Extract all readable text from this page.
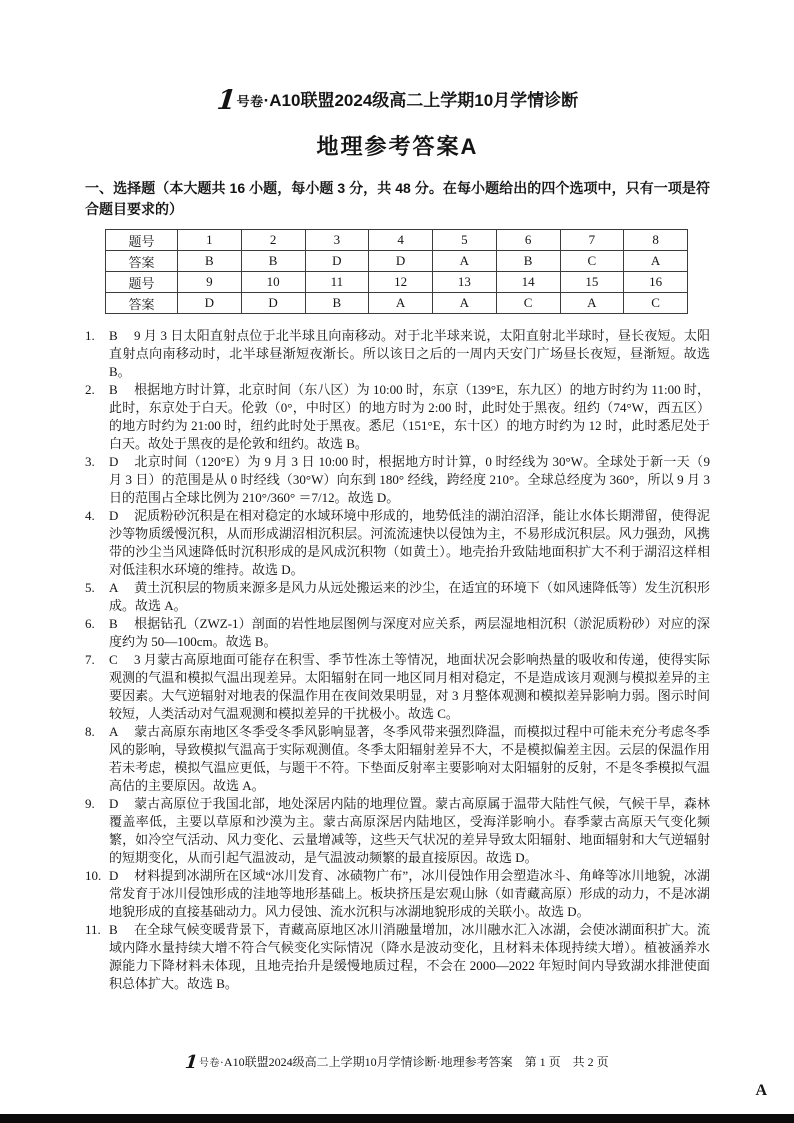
1号卷·A10联盟2024级高二上学期10月学情诊断
地理参考答案A

一、选择题（本大题共 16 小题，每小题 3 分，共 48 分。在每小题给出的四个选项中，只有一项是符合题目要求的）

题号	1	2	3	4	5	6	7	8
答案	B	B	D	D	A	B	C	A
题号	9	10	11	12	13	14	15	16
答案	D	D	B	A	A	C	A	C
1. B 9 月 3 日太阳直射点位于北半球且向南移动。对于北半球来说，太阳直射北半球时，昼长夜短。太阳直射点向南移动时，北半球昼渐短夜渐长。所以该日之后的一周内天安门广场昼长夜短，昼渐短。故选 B。
2. B 根据地方时计算，北京时间（东八区）为 10:00 时，东京（139°E，东九区）的地方时约为 11:00 时，此时，东京处于白天。伦敦（0°，中时区）的地方时为 2:00 时，此时处于黑夜。纽约（74°W，西五区）的地方时约为 21:00 时，纽约此时处于黑夜。悉尼（151°E，东十区）的地方时约为 12 时，此时悉尼处于白天。故处于黑夜的是伦敦和纽约。故选 B。
3. D 北京时间（120°E）为 9 月 3 日 10:00 时，根据地方时计算，0 时经线为 30°W。全球处于新一天（9 月 3 日）的范围是从 0 时经线（30°W）向东到 180° 经线，跨经度 210°。全球总经度为 360°，所以 9 月 3 日的范围占全球比例为 210°/360° ＝7/12。故选 D。
4. D 泥质粉砂沉积是在相对稳定的水域环境中形成的，地势低洼的湖泊沼泽，能让水体长期滞留，使得泥沙等物质缓慢沉积，从而形成湖沼相沉积层。河流流速快以侵蚀为主，不易形成沉积层。风力强劲，风携带的沙尘当风速降低时沉积形成的是风成沉积物（如黄土）。地壳抬升致陆地面积扩大不利于湖沼这样相对低洼积水环境的维持。故选 D。
5. A 黄土沉积层的物质来源多是风力从远处搬运来的沙尘，在适宜的环境下（如风速降低等）发生沉积形成。故选 A。
6. B 根据钻孔（ZWZ-1）剖面的岩性地层图例与深度对应关系，两层湿地相沉积（淤泥质粉砂）对应的深度约为 50—100cm。故选 B。
7. C 3 月蒙古高原地面可能存在积雪、季节性冻土等情况，地面状况会影响热量的吸收和传递，使得实际观测的气温和模拟气温出现差异。太阳辐射在同一地区同月相对稳定，不是造成该月观测与模拟差异的主要因素。大气逆辐射对地表的保温作用在夜间效果明显，对 3 月整体观测和模拟差异影响力弱。图示时间较短，人类活动对气温观测和模拟差异的干扰极小。故选 C。
8. A 蒙古高原东南地区冬季受冬季风影响显著，冬季风带来强烈降温，而模拟过程中可能未充分考虑冬季风的影响，导致模拟气温高于实际观测值。冬季太阳辐射差异不大，不是模拟偏差主因。云层的保温作用若未考虑，模拟气温应更低，与题干不符。下垫面反射率主要影响对太阳辐射的反射，不是冬季模拟气温高估的主要原因。故选 A。
9. D 蒙古高原位于我国北部，地处深居内陆的地理位置。蒙古高原属于温带大陆性气候，气候干旱，森林覆盖率低，主要以草原和沙漠为主。蒙古高原深居内陆地区，受海洋影响小。春季蒙古高原天气变化频繁，如冷空气活动、风力变化、云量增减等，这些天气状况的差异导致太阳辐射、地面辐射和大气逆辐射的短期变化，从而引起气温波动，是气温波动频繁的最直接原因。故选 D。
10. D 材料提到冰湖所在区域“冰川发育、冰碛物广布”，冰川侵蚀作用会塑造冰斗、角峰等冰川地貌，冰湖常发育于冰川侵蚀形成的洼地等地形基础上。板块挤压是宏观山脉（如青藏高原）形成的动力，不是冰湖地貌形成的直接基础动力。风力侵蚀、流水沉积与冰湖地貌形成的关联小。故选 D。
11. B 在全球气候变暖背景下，青藏高原地区冰川消融量增加，冰川融水汇入冰湖，会使冰湖面积扩大。流域内降水量持续大增不符合气候变化实际情况（降水是波动变化，且材料未体现持续大增）。植被涵养水源能力下降材料未体现，且地壳抬升是缓慢地质过程，不会在 2000—2022 年短时间内导致湖水排泄使面积总体扩大。故选 B。
1号卷·A10联盟2024级高二上学期10月学情诊断·地理参考答案　第 1 页　共 2 页
A
